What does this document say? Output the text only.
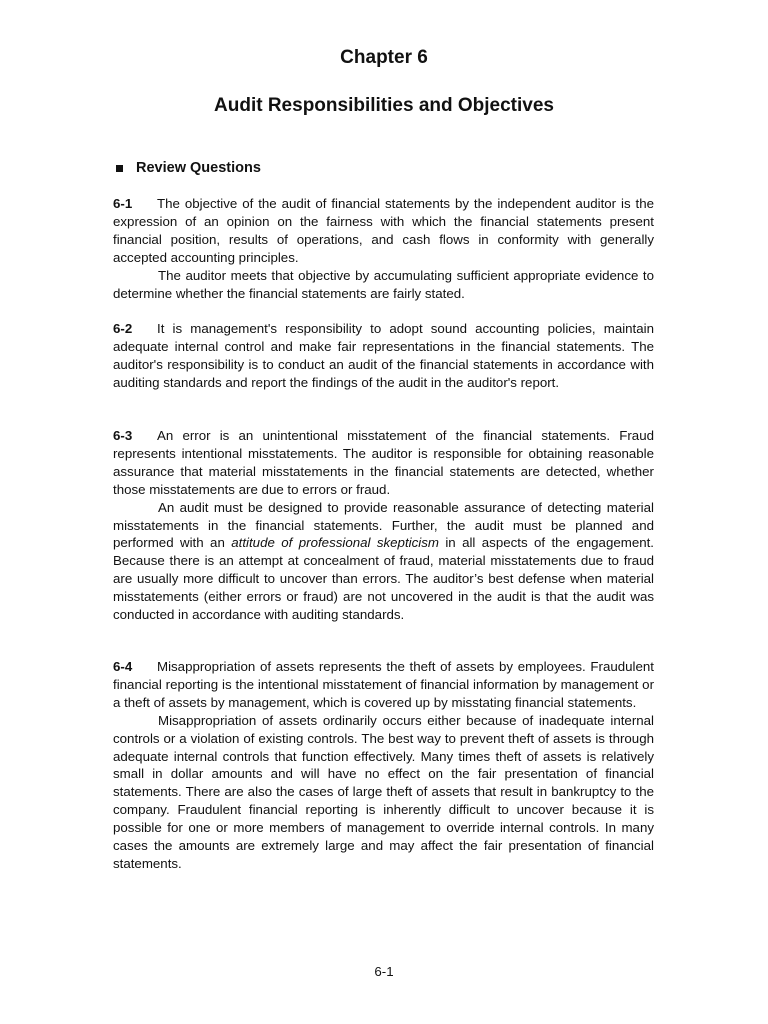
Chapter 6
Audit Responsibilities and Objectives
Review Questions

6-1 The objective of the audit of financial statements by the independent auditor is the expression of an opinion on the fairness with which the financial statements present financial position, results of operations, and cash flows in conformity with generally accepted accounting principles.

The auditor meets that objective by accumulating sufficient appropriate evidence to determine whether the financial statements are fairly stated.

6-2 It is management's responsibility to adopt sound accounting policies, maintain adequate internal control and make fair representations in the financial statements. The auditor's responsibility is to conduct an audit of the financial statements in accordance with auditing standards and report the findings of the audit in the auditor's report.

6-3 An error is an unintentional misstatement of the financial statements. Fraud represents intentional misstatements. The auditor is responsible for obtaining reasonable assurance that material misstatements in the financial statements are detected, whether those misstatements are due to errors or fraud.

An audit must be designed to provide reasonable assurance of detecting material misstatements in the financial statements. Further, the audit must be planned and performed with an attitude of professional skepticism in all aspects of the engagement. Because there is an attempt at concealment of fraud, material misstatements due to fraud are usually more difficult to uncover than errors. The auditor’s best defense when material misstatements (either errors or fraud) are not uncovered in the audit is that the audit was conducted in accordance with auditing standards.

6-4 Misappropriation of assets represents the theft of assets by employees. Fraudulent financial reporting is the intentional misstatement of financial information by management or a theft of assets by management, which is covered up by misstating financial statements.

Misappropriation of assets ordinarily occurs either because of inadequate internal controls or a violation of existing controls. The best way to prevent theft of assets is through adequate internal controls that function effectively. Many times theft of assets is relatively small in dollar amounts and will have no effect on the fair presentation of financial statements. There are also the cases of large theft of assets that result in bankruptcy to the company. Fraudulent financial reporting is inherently difficult to uncover because it is possible for one or more members of management to override internal controls. In many cases the amounts are extremely large and may affect the fair presentation of financial statements.

6-1
